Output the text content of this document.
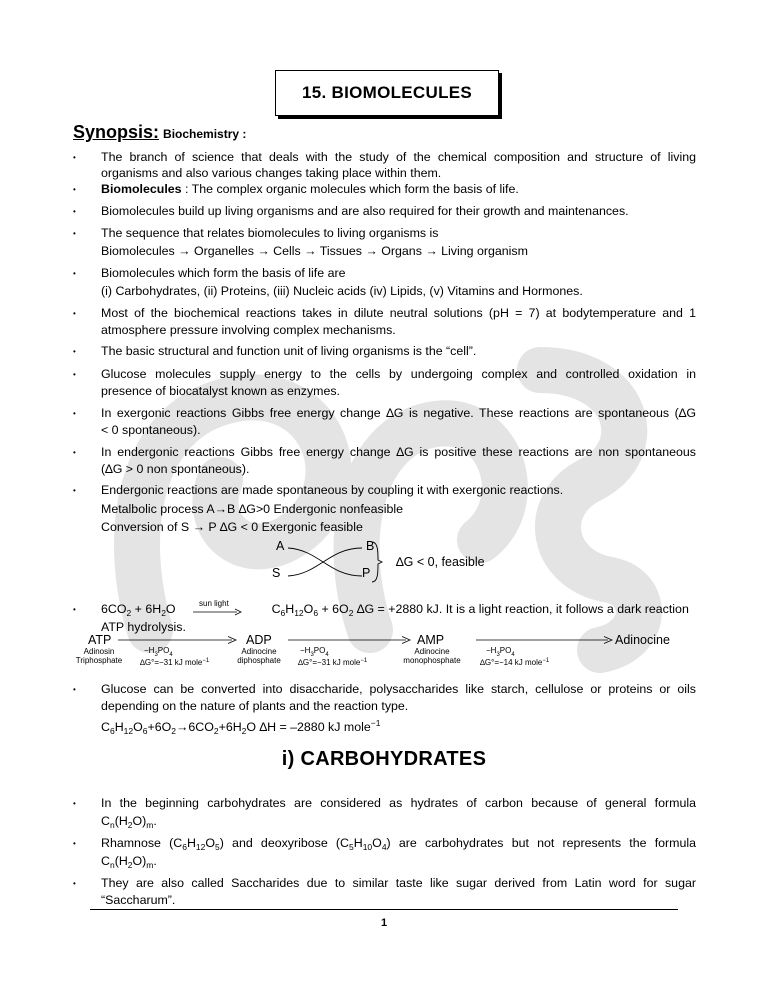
15. BIOMOLECULES
Synopsis: Biochemistry :
•
•
•
•
•
•
•
•
•
•
•
•
•
•
•
•
The branch of science that deals with the study of the chemical composition and structure of living
organisms and also various changes taking place within them.
Biomolecules : The complex organic molecules which form the basis of life.
Biomolecules build up living organisms and are also required for their growth and maintenances.
The sequence that relates biomolecules to living organisms is
Biomolecules → Organelles → Cells → Tissues → Organs → Living organism
Biomolecules which form the basis of life are
(i) Carbohydrates, (ii) Proteins, (iii) Nucleic acids (iv) Lipids, (v) Vitamins and Hormones.
Most of the biochemical reactions takes in dilute neutral solutions (pH = 7) at bodytemperature and 1
atmosphere pressure involving complex mechanisms.
The basic structural and function unit of living organisms is the “cell”.
Glucose molecules supply energy to the cells by undergoing complex and controlled oxidation in
presence of biocatalyst known as enzymes.
In exergonic reactions Gibbs free energy change ∆G is negative. These reactions are spontaneous (∆G
< 0 spontaneous).
In endergonic reactions Gibbs free energy change ∆G is positive these reactions are non spontaneous
(∆G > 0 non spontaneous).
Endergonic reactions are made spontaneous by coupling it with exergonic reactions.
Metalbolic process A→B ∆G>0 Endergonic nonfeasible
Conversion of S → P ∆G < 0 Exergonic feasible
A	B
S	P
∆G < 0, feasible
$6CO_2 + 6H_2O$	$C_6H_{12}O_6 + 6O_2$ ∆G = +2880 kJ. It is a light reaction, it follows a dark reaction
sun light
ATP hydrolysis.
ATP
Adinosin
Triphosphate
ADP
Adinocine
diphosphate
AMP
Adinocine
monophosphate
Adinocine
$-H_3PO_4$
∆G°=−31 kJ mole$^{-1}$
$-H_3PO_4$
∆G°=−31 kJ mole$^{-1}$
$-H_3PO_4$
∆G°=−14 kJ mole$^{-1}$
Glucose can be converted into disaccharide, polysaccharides like starch, cellulose or proteins or oils
depending on the nature of plants and the reaction type.
$C_6H_{12}O_6+6O_2\to 6CO_2+6H_2O$ ∆H = –2880 kJ mole$^{-1}$
i) CARBOHYDRATES
In the beginning carbohydrates are considered as hydrates of carbon because of general formula
$C_n(H_2O)_m$.
Rhamnose $(C_6H_{12}O_5)$ and deoxyribose $(C_5H_{10}O_4)$ are carbohydrates but not represents the formula
$C_n(H_2O)_m$.
They are also called Saccharides due to similar taste like sugar derived from Latin word for sugar
“Saccharum”.
1
